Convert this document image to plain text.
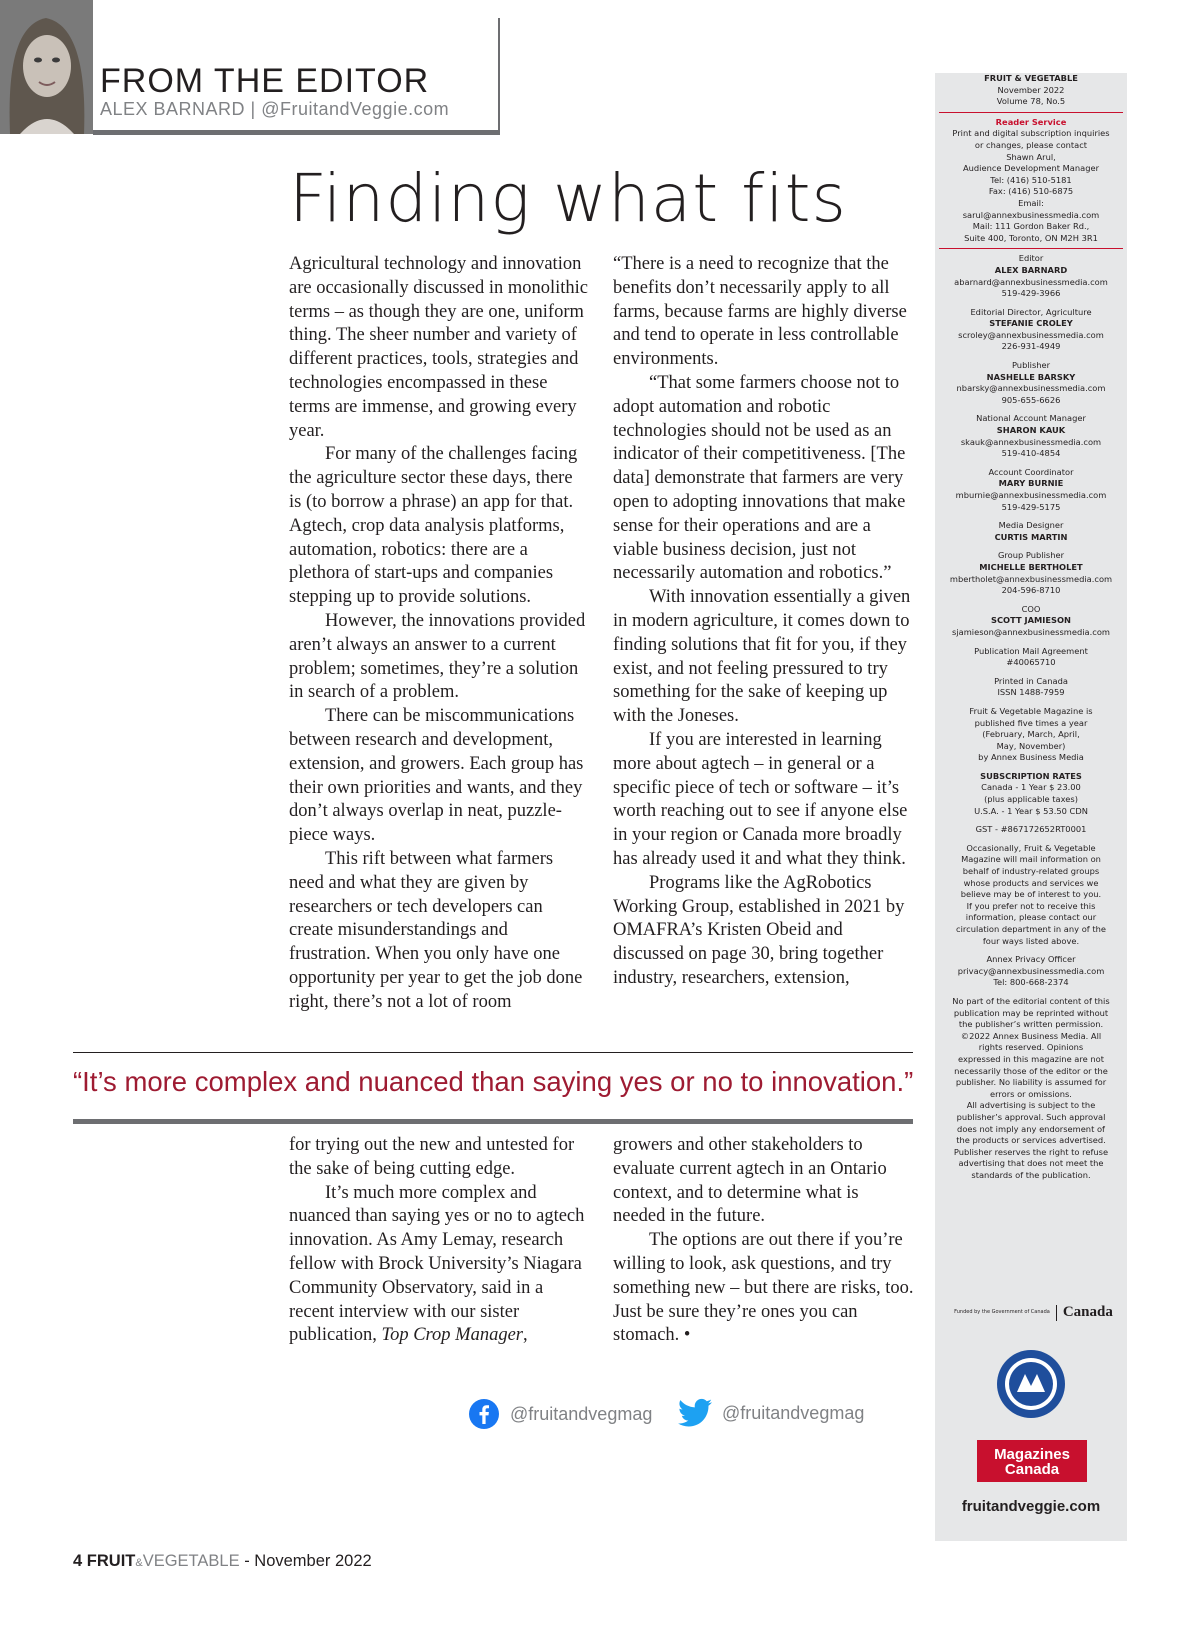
FROM THE EDITOR
ALEX BARNARD | @FruitandVeggie.com
Finding what fits

Agricultural technology and innovation are occasionally discussed in monolithic terms – as though they are one, uniform thing. The sheer number and variety of different practices, tools, strategies and technologies encompassed in these terms are immense, and growing every year.

For many of the challenges facing the agriculture sector these days, there is (to borrow a phrase) an app for that. Agtech, crop data analysis platforms, automation, robotics: there are a plethora of start-ups and companies stepping up to provide solutions.

However, the innovations provided aren’t always an answer to a current problem; sometimes, they’re a solution in search of a problem.

There can be miscommunications between research and development, extension, and growers. Each group has their own priorities and wants, and they don’t always overlap in neat, puzzle-piece ways.

This rift between what farmers need and what they are given by researchers or tech developers can create misunderstandings and frustration. When you only have one opportunity per year to get the job done right, there’s not a lot of room

“There is a need to recognize that the benefits don’t necessarily apply to all farms, because farms are highly diverse and tend to operate in less controllable environments.

“That some farmers choose not to adopt automation and robotic technologies should not be used as an indicator of their competitiveness. [The data] demonstrate that farmers are very open to adopting innovations that make sense for their operations and are a viable business decision, just not necessarily automation and robotics.”

With innovation essentially a given in modern agriculture, it comes down to finding solutions that fit for you, if they exist, and not feeling pressured to try something for the sake of keeping up with the Joneses.

If you are interested in learning more about agtech – in general or a specific piece of tech or software – it’s worth reaching out to see if anyone else in your region or Canada more broadly has already used it and what they think.

Programs like the AgRobotics Working Group, established in 2021 by OMAFRA’s Kristen Obeid and discussed on page 30, bring together industry, researchers, extension,

“It’s more complex and nuanced than saying yes or no to innovation.”

for trying out the new and untested for the sake of being cutting edge.

It’s much more complex and nuanced than saying yes or no to agtech innovation. As Amy Lemay, research fellow with Brock University’s Niagara Community Observatory, said in a recent interview with our sister publication, Top Crop Manager,

growers and other stakeholders to evaluate current agtech in an Ontario context, and to determine what is needed in the future.

The options are out there if you’re willing to look, ask questions, and try something new – but there are risks, too. Just be sure they’re ones you can stomach. •

@fruitandvegmag	@fruitandvegmag
4 FRUIT&VEGETABLE - November 2022
FRUIT & VEGETABLE
November 2022
Volume 78, No.5
Reader Service
Print and digital subscription inquiries
or changes, please contact
Shawn Arul,
Audience Development Manager
Tel: (416) 510-5181
Fax: (416) 510-6875
Email:
sarul@annexbusinessmedia.com
Mail: 111 Gordon Baker Rd.,
Suite 400, Toronto, ON M2H 3R1
Editor
ALEX BARNARD
abarnard@annexbusinessmedia.com
519-429-3966
Editorial Director, Agriculture
STEFANIE CROLEY
scroley@annexbusinessmedia.com
226-931-4949
Publisher
NASHELLE BARSKY
nbarsky@annexbusinessmedia.com
905-655-6626
National Account Manager
SHARON KAUK
skauk@annexbusinessmedia.com
519-410-4854
Account Coordinator
MARY BURNIE
mburnie@annexbusinessmedia.com
519-429-5175
Media Designer
CURTIS MARTIN
Group Publisher
MICHELLE BERTHOLET
mbertholet@annexbusinessmedia.com
204-596-8710
COO
SCOTT JAMIESON
sjamieson@annexbusinessmedia.com
Publication Mail Agreement
#40065710
Printed in Canada
ISSN 1488-7959
Fruit & Vegetable Magazine is
published five times a year
(February, March, April,
May, November)
by Annex Business Media
SUBSCRIPTION RATES
Canada - 1 Year $ 23.00
(plus applicable taxes)
U.S.A. - 1 Year $ 53.50 CDN
GST - #867172652RT0001
Occasionally, Fruit & Vegetable
Magazine will mail information on
behalf of industry-related groups
whose products and services we
believe may be of interest to you.
If you prefer not to receive this
information, please contact our
circulation department in any of the
four ways listed above.
Annex Privacy Officer
privacy@annexbusinessmedia.com
Tel: 800-668-2374
No part of the editorial content of this
publication may be reprinted without
the publisher’s written permission.
©2022 Annex Business Media. All
rights reserved. Opinions
expressed in this magazine are not
necessarily those of the editor or the
publisher. No liability is assumed for
errors or omissions.
All advertising is subject to the
publisher’s approval. Such approval
does not imply any endorsement of
the products or services advertised.
Publisher reserves the right to refuse
advertising that does not meet the
standards of the publication.
Funded by the Government of Canada Canada
Magazines
Canada
fruitandveggie.com
